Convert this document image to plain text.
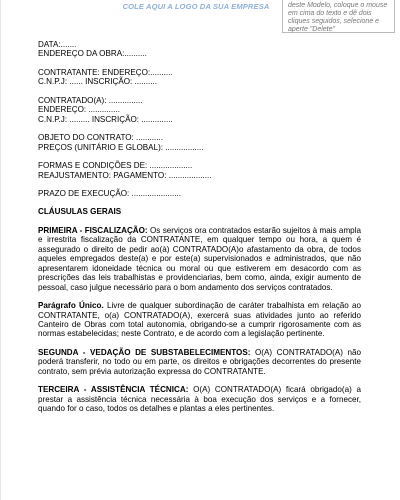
COLE AQUI A LOGO DA SUA EMPRESA	deste Modelo, coloque o mouse em cima do texto e dê dois cliques seguidos, selecione e aperte "Delete"

DATA:.......

ENDEREÇO DA OBRA:..........

CONTRATANTE: ENDEREÇO:..........

C.N.P.J: ...... INSCRIÇÃO: ..........

CONTRATADO(A): ...............

ENDEREÇO: ..............

C.N.P.J: ......... INSCRIÇÃO: ..............

OBJETO DO CONTRATO: ............

PREÇOS (UNITÁRIO E GLOBAL): .................

FORMAS E CONDIÇÕES DE: ...................

REAJUSTAMENTO: PAGAMENTO: ...................

PRAZO DE EXECUÇÃO: ......................

CLÁUSULAS GERAIS

PRIMEIRA - FISCALIZAÇÃO: Os serviços ora contratados estarão sujeitos à mais ampla e irrestrita fiscalização da CONTRATANTE, em qualquer tempo ou hora, a quem é assegurado o direito de pedir ao(à) CONTRATADO(A)o afastamento da obra, de todos aqueles empregados deste(a) e por este(a) supervisionados e administrados, que não apresentarem idoneidade técnica ou moral ou que estiverem em desacordo com as prescrições das leis trabalhistas e providenciarias, bem como, ainda, exigir aumento de pessoal, caso julgue necessário para o bom andamento dos serviços contratados.

Parágrafo Único. Livre de qualquer subordinação de caráter trabalhista em relação ao CONTRATANTE, o(a) CONTRATADO(A), exercerá suas atividades junto ao referido Canteiro de Obras com total autonomia, obrigando-se a cumprir rigorosamente com as normas estabelecidas; neste Contrato, e de acordo com a legislação pertinente.

SEGUNDA - VEDAÇÃO DE SUBSTABELECIMENTOS: O(A) CONTRATADO(A) não poderá transferir, no todo ou em parte, os direitos e obrigações decorrentes do presente contrato, sem prévia autorização expressa do CONTRATANTE.

TERCEIRA - ASSISTÊNCIA TÉCNICA: O(A) CONTRATADO(A) ficará obrigado(a) a prestar a assistência técnica necessária à boa execução dos serviços e a fornecer, quando for o caso, todos os detalhes e plantas a eles pertinentes.
